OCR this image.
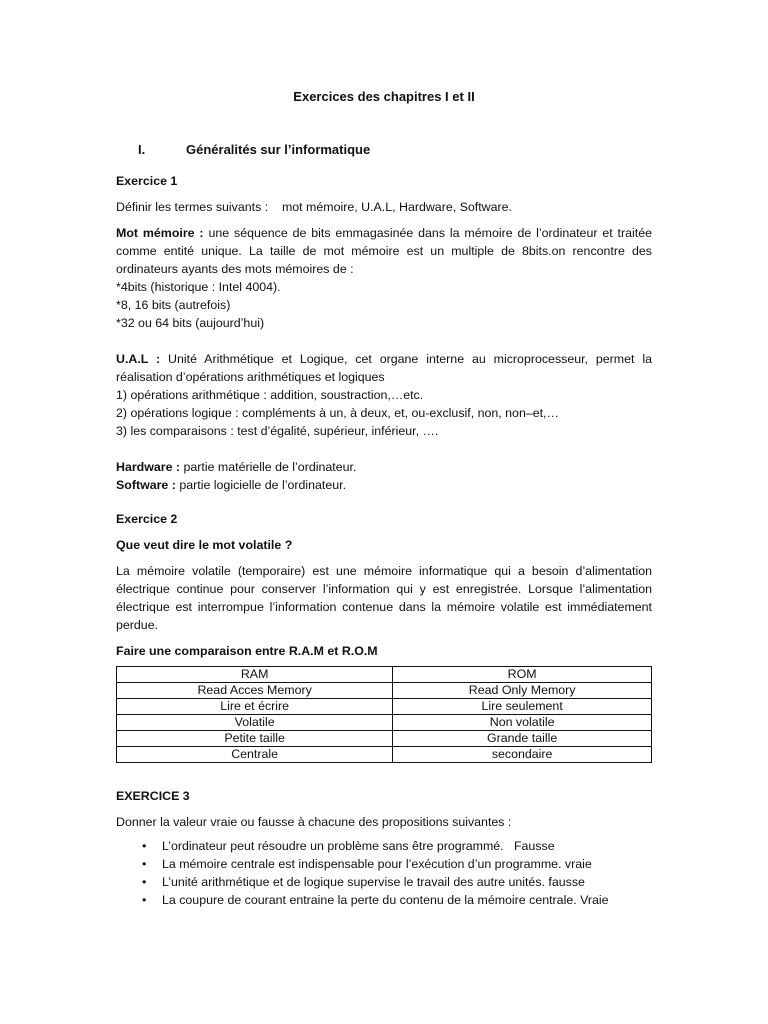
Exercices des chapitres I et II
I.	Généralités sur l’informatique
Exercice 1

Définir les termes suivants :    mot mémoire, U.A.L, Hardware, Software.

Mot mémoire : une séquence de bits emmagasinée dans la mémoire de l’ordinateur et traitée comme entité unique. La taille de mot mémoire est un multiple de 8bits.on rencontre des ordinateurs ayants des mots mémoires de :

*4bits (historique : Intel 4004).

*8, 16 bits (autrefois)

*32 ou 64 bits (aujourd’hui)

U.A.L : Unité Arithmétique et Logique, cet organe interne au microprocesseur, permet la réalisation d’opérations arithmétiques et logiques

1) opérations arithmétique : addition, soustraction,…etc.

2) opérations logique : compléments à un, à deux, et, ou-exclusif, non, non–et,…

3) les comparaisons : test d’égalité, supérieur, inférieur, ….

Hardware : partie matérielle de l’ordinateur.

Software : partie logicielle de l’ordinateur.

Exercice 2

Que veut dire le mot volatile ?

La mémoire volatile (temporaire) est une mémoire informatique qui a besoin d’alimentation électrique continue pour conserver l’information qui y est enregistrée. Lorsque l’alimentation électrique est interrompue l’information contenue dans la mémoire volatile est immédiatement perdue.

Faire une comparaison entre R.A.M et R.O.M

RAM	ROM
Read Acces Memory	Read Only Memory
Lire et écrire	Lire seulement
Volatile	Non volatile
Petite taille	Grande taille
Centrale	secondaire
EXERCICE 3

Donner la valeur vraie ou fausse à chacune des propositions suivantes :

• L’ordinateur peut résoudre un problème sans être programmé.   Fausse
• La mémoire centrale est indispensable pour l’exécution d’un programme. vraie
• L’unité arithmétique et de logique supervise le travail des autre unités. fausse
• La coupure de courant entraine la perte du contenu de la mémoire centrale. Vraie
